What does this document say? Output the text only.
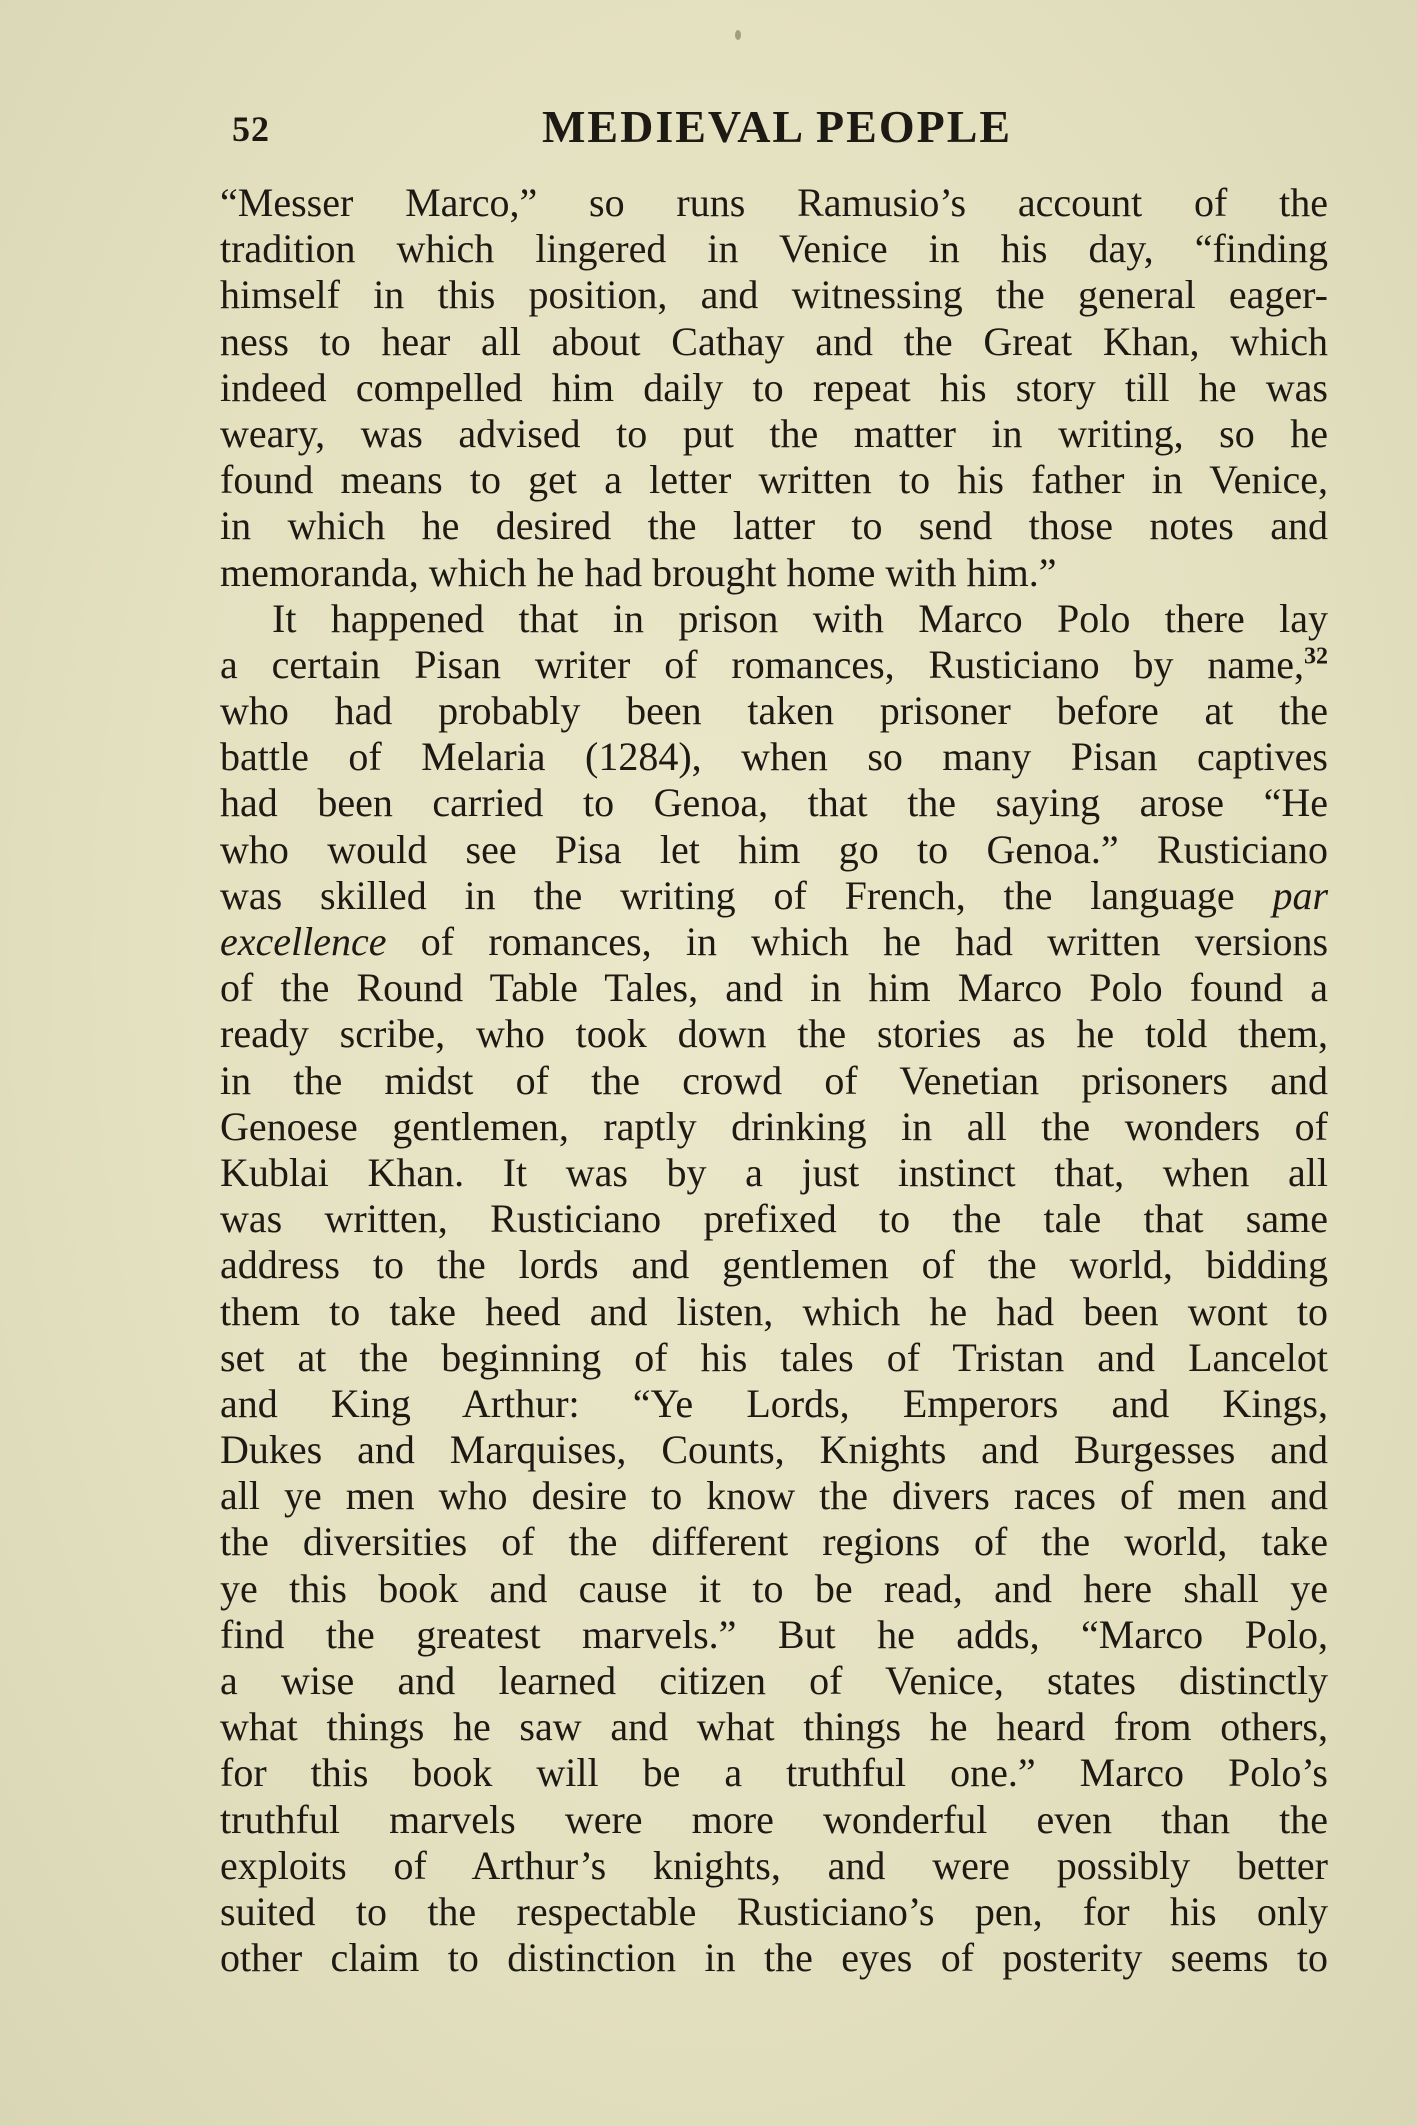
52	MEDIEVAL PEOPLE
“Messer Marco,” so runs Ramusio’s account of the
tradition which lingered in Venice in his day, “finding
himself in this position, and witnessing the general eager-
ness to hear all about Cathay and the Great Khan, which
indeed compelled him daily to repeat his story till he was
weary, was advised to put the matter in writing, so he
found means to get a letter written to his father in Venice,
in which he desired the latter to send those notes and
memoranda, which he had brought home with him.”
It happened that in prison with Marco Polo there lay
a certain Pisan writer of romances, Rusticiano by name,$^{32}$
who had probably been taken prisoner before at the
battle of Melaria (1284), when so many Pisan captives
had been carried to Genoa, that the saying arose “He
who would see Pisa let him go to Genoa.” Rusticiano
was skilled in the writing of French, the language par
excellence of romances, in which he had written versions
of the Round Table Tales, and in him Marco Polo found a
ready scribe, who took down the stories as he told them,
in the midst of the crowd of Venetian prisoners and
Genoese gentlemen, raptly drinking in all the wonders of
Kublai Khan. It was by a just instinct that, when all
was written, Rusticiano prefixed to the tale that same
address to the lords and gentlemen of the world, bidding
them to take heed and listen, which he had been wont to
set at the beginning of his tales of Tristan and Lancelot
and King Arthur: “Ye Lords, Emperors and Kings,
Dukes and Marquises, Counts, Knights and Burgesses and
all ye men who desire to know the divers races of men and
the diversities of the different regions of the world, take
ye this book and cause it to be read, and here shall ye
find the greatest marvels.” But he adds, “Marco Polo,
a wise and learned citizen of Venice, states distinctly
what things he saw and what things he heard from others,
for this book will be a truthful one.” Marco Polo’s
truthful marvels were more wonderful even than the
exploits of Arthur’s knights, and were possibly better
suited to the respectable Rusticiano’s pen, for his only
other claim to distinction in the eyes of posterity seems to
